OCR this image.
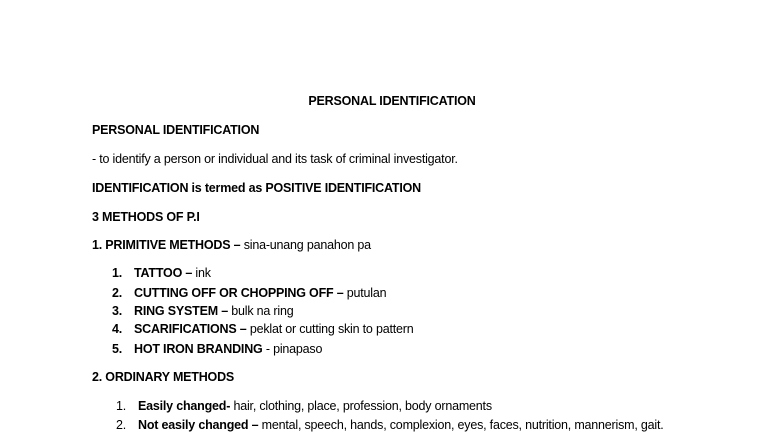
PERSONAL IDENTIFICATION
PERSONAL IDENTIFICATION
- to identify a person or individual and its task of criminal investigator.
IDENTIFICATION is termed as POSITIVE IDENTIFICATION
3 METHODS OF P.I
1. PRIMITIVE METHODS – sina-unang panahon pa
1. TATTOO – ink
2. CUTTING OFF OR CHOPPING OFF – putulan
3. RING SYSTEM – bulk na ring
4. SCARIFICATIONS – peklat or cutting skin to pattern
5. HOT IRON BRANDING - pinapaso
2. ORDINARY METHODS
1. Easily changed- hair, clothing, place, profession, body ornaments
2. Not easily changed – mental, speech, hands, complexion, eyes, faces, nutrition, mannerism, gait.
